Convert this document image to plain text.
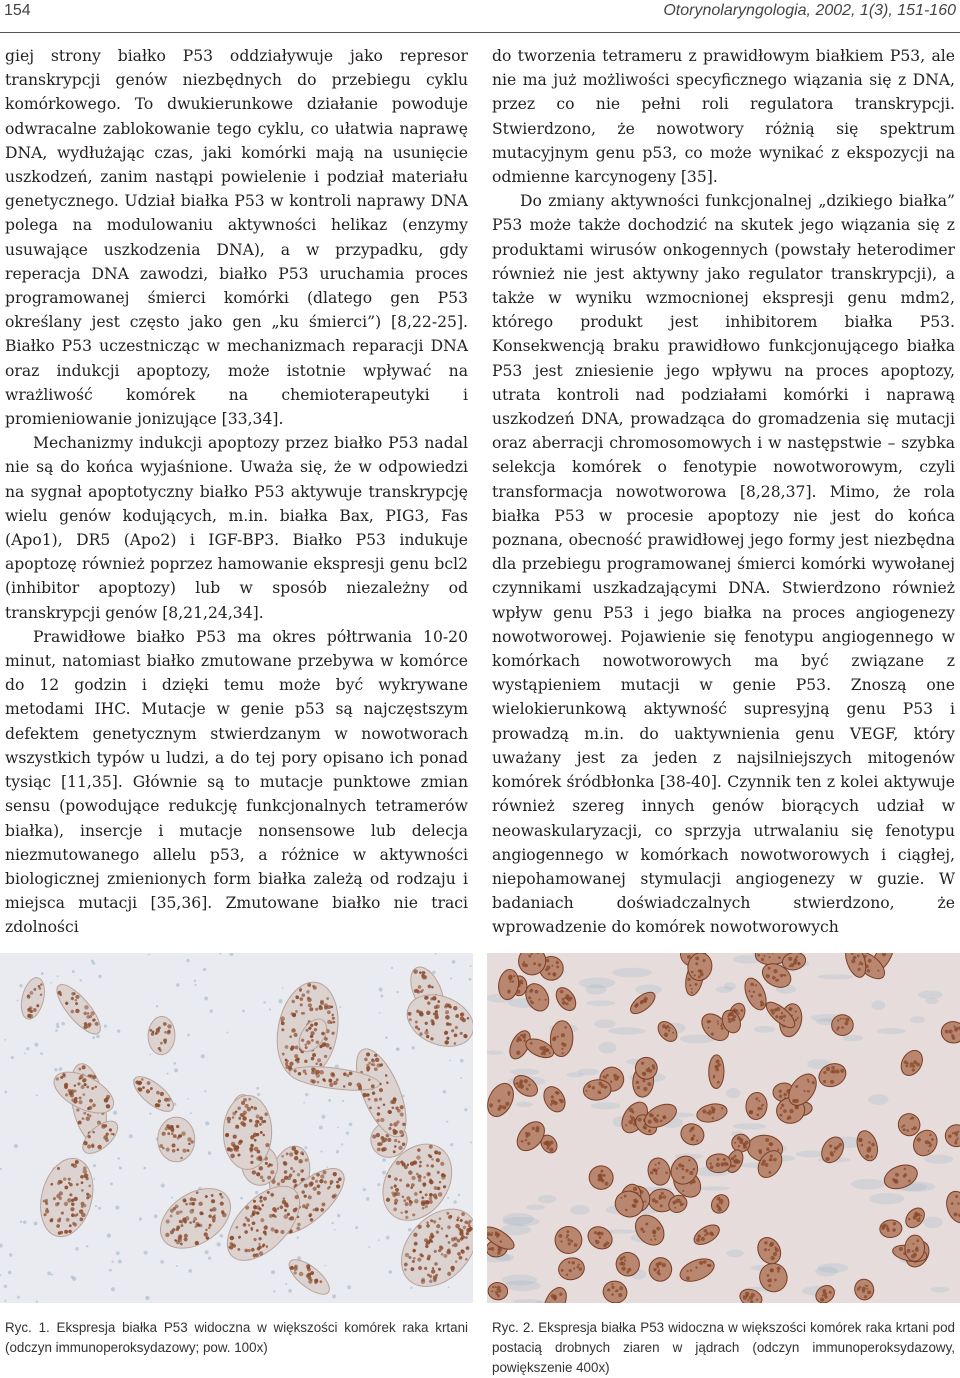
154	Otorynolaryngologia, 2002, 1(3), 151-160

giej strony białko P53 oddziaływuje jako represor transkrypcji genów niezbędnych do przebiegu cyklu komórkowego. To dwukierunkowe działanie powoduje odwracalne zablokowanie tego cyklu, co ułatwia naprawę DNA, wydłużając czas, jaki komórki mają na usunięcie uszkodzeń, zanim nastąpi powielenie i podział materiału genetycznego. Udział białka P53 w kontroli naprawy DNA polega na modulowaniu aktywności helikaz (enzymy usuwające uszkodzenia DNA), a w przypadku, gdy reperacja DNA zawodzi, białko P53 uruchamia proces programowanej śmierci komórki (dlatego gen P53 określany jest często jako gen „ku śmierci”) [8,22-25]. Białko P53 uczestnicząc w mechanizmach reparacji DNA oraz indukcji apoptozy, może istotnie wpływać na wrażliwość komórek na chemioterapeutyki i promieniowanie jonizujące [33,34].

Mechanizmy indukcji apoptozy przez białko P53 nadal nie są do końca wyjaśnione. Uważa się, że w odpowiedzi na sygnał apoptotyczny białko P53 aktywuje transkrypcję wielu genów kodujących, m.in. białka Bax, PIG3, Fas (Apo1), DR5 (Apo2) i IGF-BP3. Białko P53 indukuje apoptozę również poprzez hamowanie ekspresji genu bcl2 (inhibitor apoptozy) lub w sposób niezależny od transkrypcji genów [8,21,24,34].

Prawidłowe białko P53 ma okres półtrwania 10-20 minut, natomiast białko zmutowane przebywa w komórce do 12 godzin i dzięki temu może być wykrywane metodami IHC. Mutacje w genie p53 są najczęstszym defektem genetycznym stwierdzanym w nowotworach wszystkich typów u ludzi, a do tej pory opisano ich ponad tysiąc [11,35]. Głównie są to mutacje punktowe zmian sensu (powodujące redukcję funkcjonalnych tetramerów białka), insercje i mutacje nonsensowe lub delecja niezmutowanego allelu p53, a różnice w aktywności biologicznej zmienionych form białka zależą od rodzaju i miejsca mutacji [35,36]. Zmutowane białko nie traci zdolności

do tworzenia tetrameru z prawidłowym białkiem P53, ale nie ma już możliwości specyficznego wiązania się z DNA, przez co nie pełni roli regulatora transkrypcji. Stwierdzono, że nowotwory różnią się spektrum mutacyjnym genu p53, co może wynikać z ekspozycji na odmienne karcynogeny [35].

Do zmiany aktywności funkcjonalnej „dzikiego białka” P53 może także dochodzić na skutek jego wiązania się z produktami wirusów onkogennych (powstały heterodimer również nie jest aktywny jako regulator transkrypcji), a także w wyniku wzmocnionej ekspresji genu mdm2, którego produkt jest inhibitorem białka P53. Konsekwencją braku prawidłowo funkcjonującego białka P53 jest zniesienie jego wpływu na proces apoptozy, utrata kontroli nad podziałami komórki i naprawą uszkodzeń DNA, prowadząca do gromadzenia się mutacji oraz aberracji chromosomowych i w następstwie – szybka selekcja komórek o fenotypie nowotworowym, czyli transformacja nowotworowa [8,28,37]. Mimo, że rola białka P53 w procesie apoptozy nie jest do końca poznana, obecność prawidłowej jego formy jest niezbędna dla przebiegu programowanej śmierci komórki wywołanej czynnikami uszkadzającymi DNA. Stwierdzono również wpływ genu P53 i jego białka na proces angiogenezy nowotworowej. Pojawienie się fenotypu angiogennego w komórkach nowotworowych ma być związane z wystąpieniem mutacji w genie P53. Znoszą one wielokierunkową aktywność supresyjną genu P53 i prowadzą m.in. do uaktywnienia genu VEGF, który uważany jest za jeden z najsilniejszych mitogenów komórek śródbłonka [38-40]. Czynnik ten z kolei aktywuje również szereg innych genów biorących udział w neowaskularyzacji, co sprzyja utrwalaniu się fenotypu angiogennego w komórkach nowotworowych i ciągłej, niepohamowanej stymulacji angiogenezy w guzie. W badaniach doświadczalnych stwierdzono, że wprowadzenie do komórek nowotworowych

Ryc. 1. Ekspresja białka P53 widoczna w większości komórek raka krtani (odczyn immunoperoksydazowy; pow. 100x)
Ryc. 2. Ekspresja białka P53 widoczna w większości komórek raka krtani pod postacią drobnych ziaren w jądrach (odczyn immunoperoksydazowy, powiększenie 400x)
